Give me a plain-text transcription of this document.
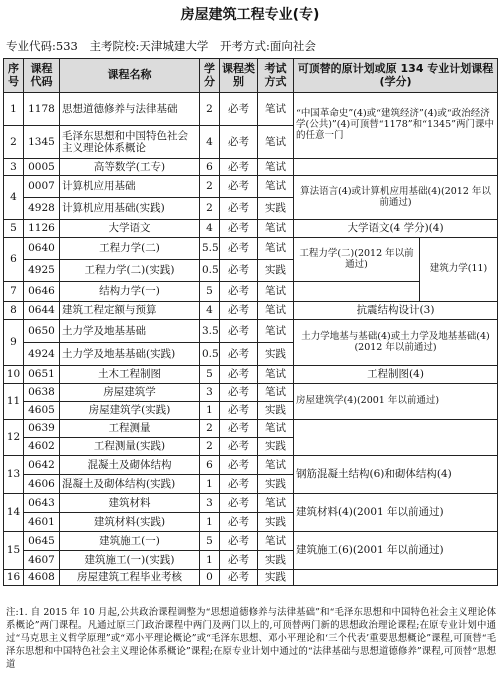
房屋建筑工程专业(专)
专业代码:533 主考院校:天津城建大学 开考方式:面向社会
序号	课程代码	课程名称	学分	课程类别	考试方式	可顶替的原计划或原 134 专业计划课程(学分)	
1	1178	思想道德修养与法律基础	2	必考	笔试	“中国革命史”(4)或“建筑经济”(4)或“政治经济学(公共)”(4)可顶替“1178”和“1345”两门课中的任意一门	

2	1345	毛泽东思想和中国特色社会主义理论体系概论	4	必考	笔试		

3	0005	高等数学(工专)	6	必考	笔试		
4	0007	计算机应用基础	2	必考	笔试	算法语言(4)或计算机应用基础(4)(2012 年以前通过)	
	4928	计算机应用基础(实践)	2	必考	实践		
5	1126	大学语文	4	必考	笔试	大学语文(4 学分)(4)	
6	0640	工程力学(二)	5.5	必考	笔试	工程力学(二)(2012 年以前通过)	建筑力学(11)
	4925	工程力学(二)(实践)	0.5	必考	实践		
7	0646	结构力学(一)	5	必考	笔试		
8	0644	建筑工程定额与预算	4	必考	笔试	抗震结构设计(3)	
9	0650	土力学及地基基础	3.5	必考	笔试	土力学地基与基础(4)或土力学及地基基础(4)(2012 年以前通过)	
	4924	土力学及地基基础(实践)	0.5	必考	实践		
10	0651	土木工程制图	5	必考	笔试	工程制图(4)	
11	0638	房屋建筑学	3	必考	笔试	房屋建筑学(4)(2001 年以前通过)	
	4605	房屋建筑学(实践)	1	必考	实践		
12	0639	工程测量	2	必考	笔试		
	4602	工程测量(实践)	2	必考	实践		
13	0642	混凝土及砌体结构	6	必考	笔试	钢筋混凝土结构(6)和砌体结构(4)	
	4606	混凝土及砌体结构(实践)	1	必考	实践		
14	0643	建筑材料	3	必考	笔试	建筑材料(4)(2001 年以前通过)	
	4601	建筑材料(实践)	1	必考	实践		
15	0645	建筑施工(一)	5	必考	笔试	建筑施工(6)(2001 年以前通过)	
	4607	建筑施工(一)(实践)	1	必考	实践		
16	4608	房屋建筑工程毕业考核	0	必考	实践		
注:1. 自 2015 年 10 月起,公共政治课程调整为“思想道德修养与法律基础”和“毛泽东思想和中国特色社会主义理论体系概论”两门课程。凡通过原三门政治课程中两门及两门以上的,可顶替两门新的思想政治理论课程;在原专业计划中通过“马克思主义哲学原理”或“邓小平理论概论”或“毛泽东思想、邓小平理论和‘三个代表’重要思想概论”课程,可顶替“毛泽东思想和中国特色社会主义理论体系概论”课程;在原专业计划中通过的“法律基础与思想道德修养”课程,可顶替“思想道
